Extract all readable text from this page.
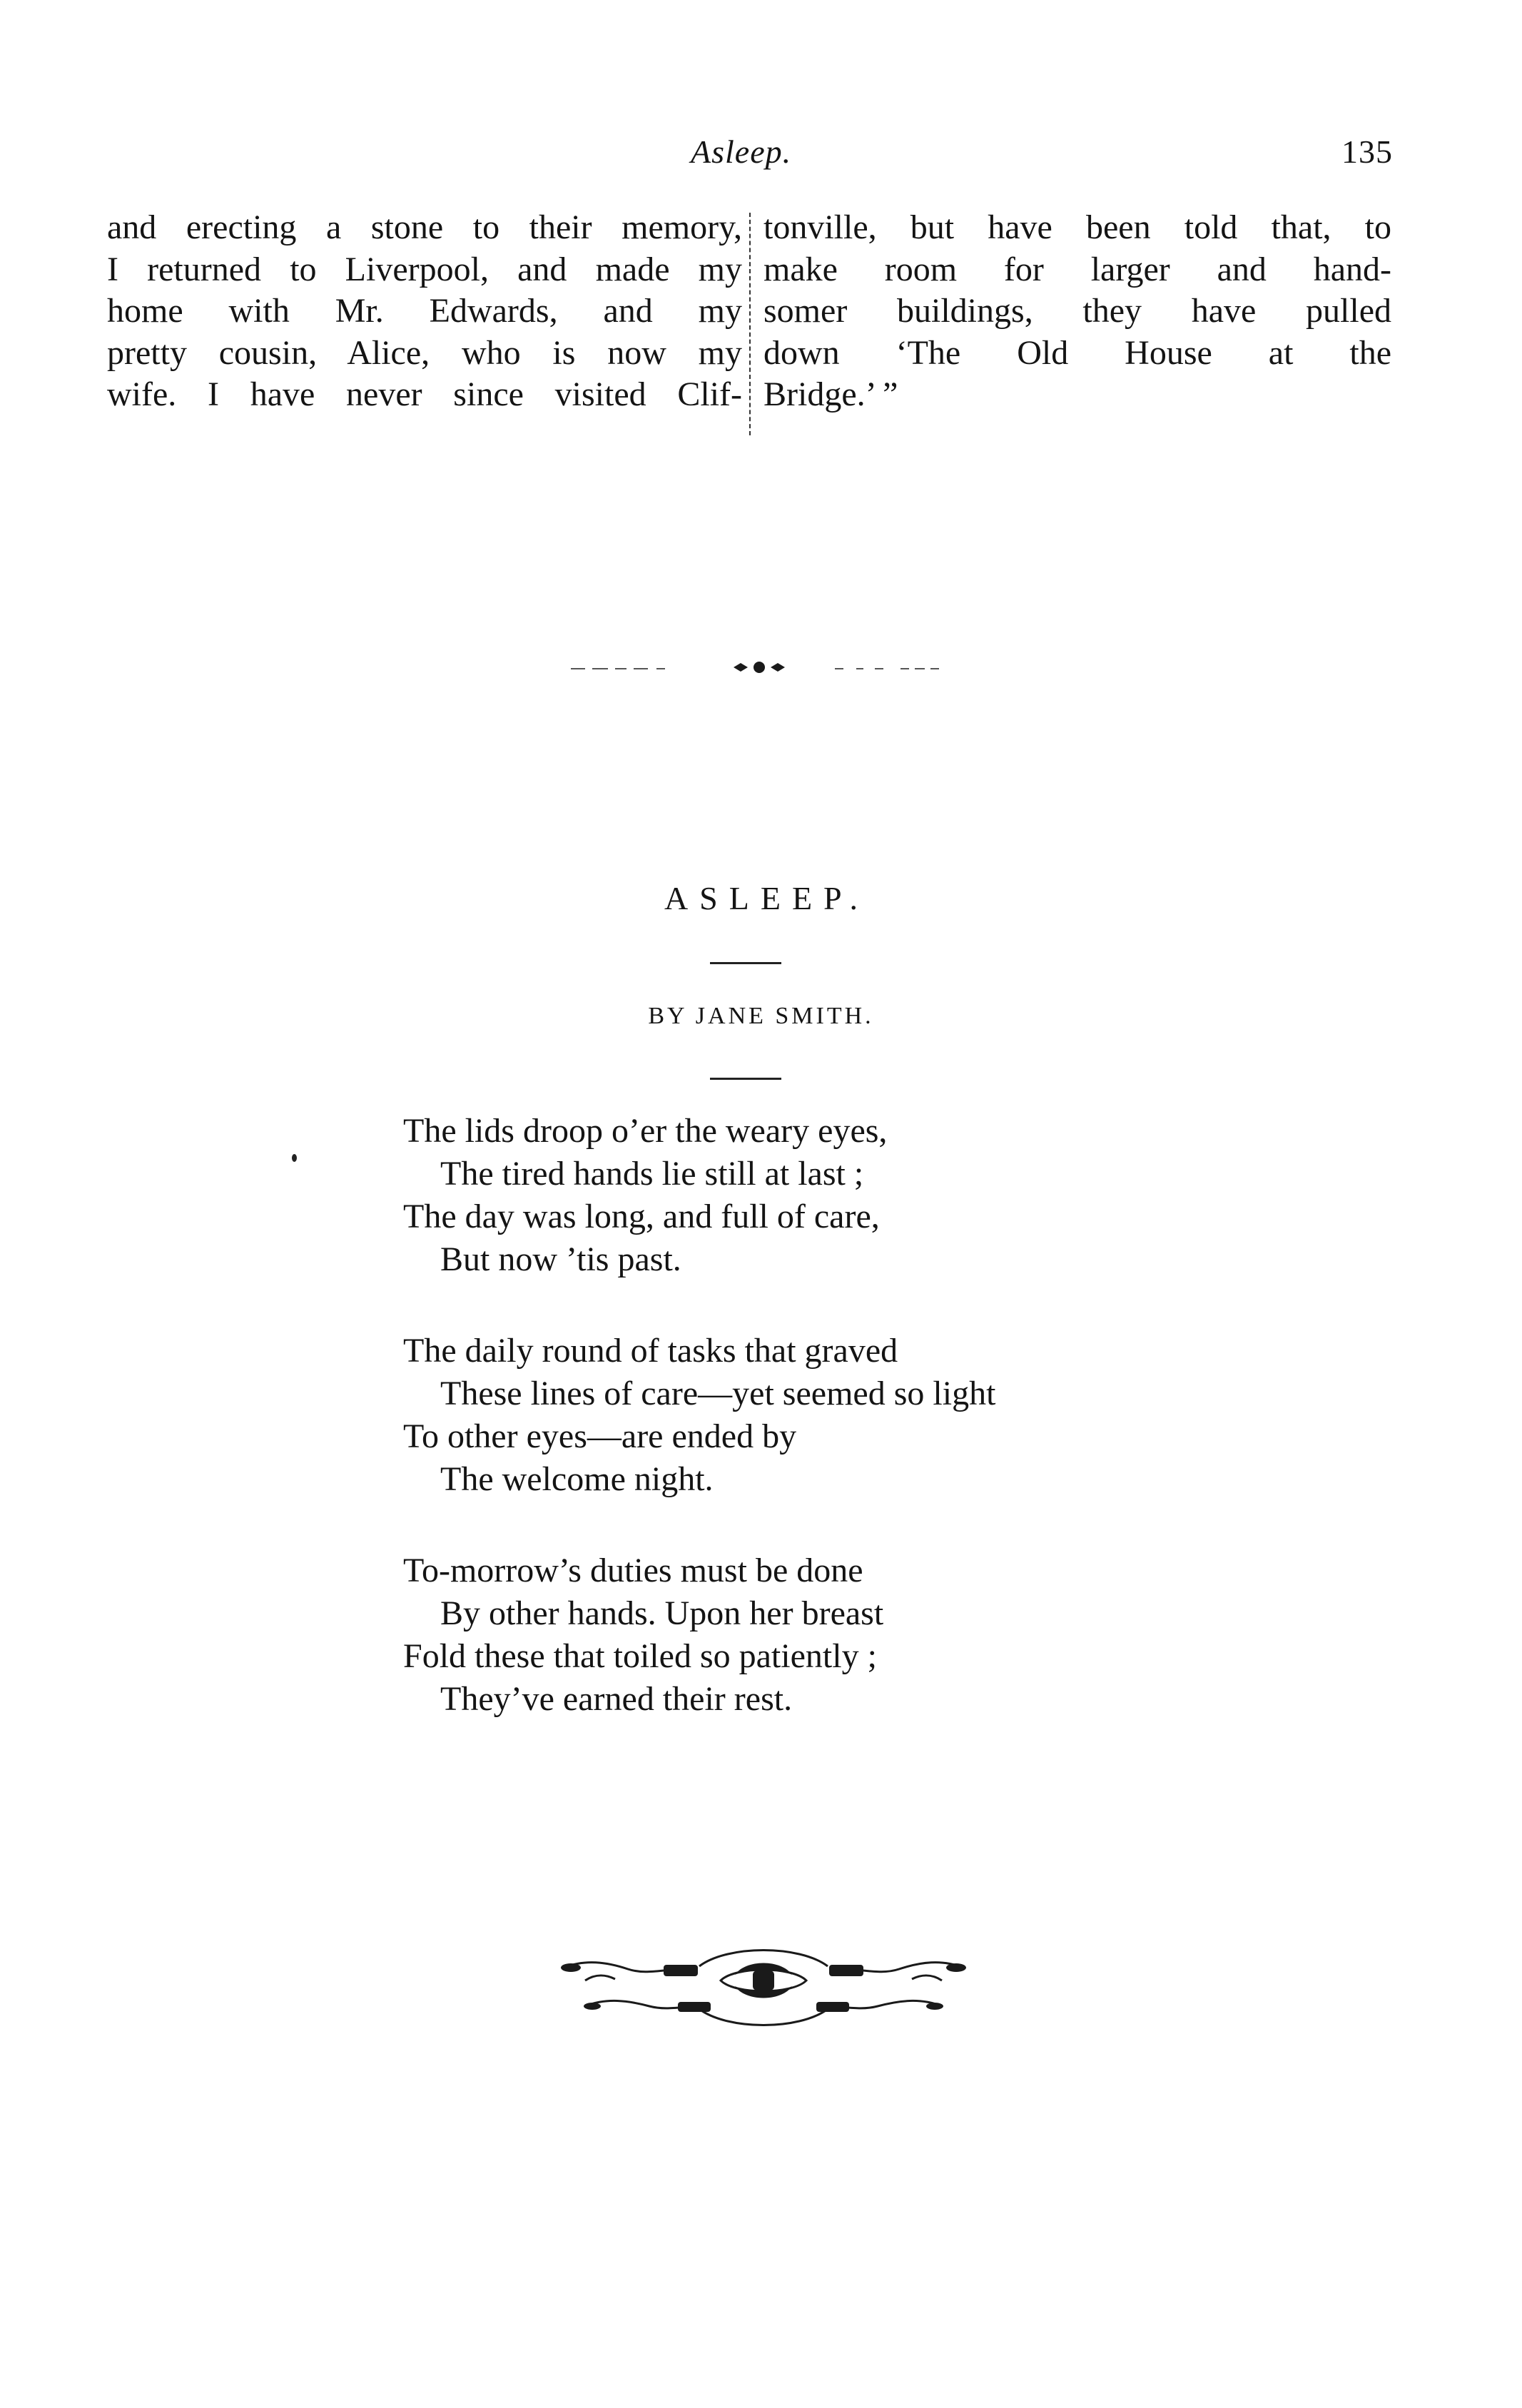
Asleep.	135
and erecting a stone to their memory,
I returned to Liverpool, and made my
home with Mr. Edwards, and my
pretty cousin, Alice, who is now my
wife. I have never since visited Clif-
tonville, but have been told that, to
make room for larger and hand-
somer buildings, they have pulled
down ‘The Old House at the
Bridge.’ ”
ASLEEP.
BY JANE SMITH.
The lids droop o’er the weary eyes,
The tired hands lie still at last ;
The day was long, and full of care,
But now ’tis past.
The daily round of tasks that graved
These lines of care—yet seemed so light
To other eyes—are ended by
The welcome night.
To-morrow’s duties must be done
By other hands. Upon her breast
Fold these that toiled so patiently ;
They’ve earned their rest.
